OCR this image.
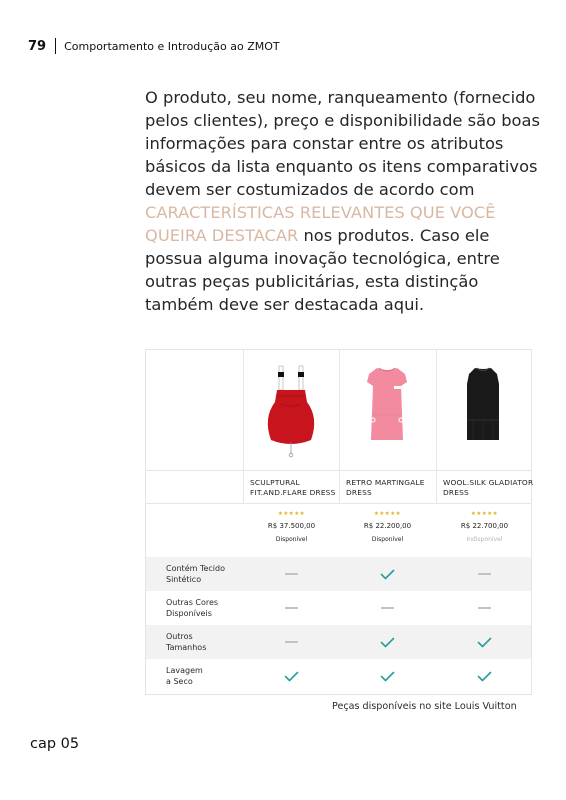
79 Comportamento e Introdução ao ZMOT

O produto, seu nome, ranqueamento (fornecido pelos clientes), preço e disponibilidade são boas informações para constar entre os atributos básicos da lista enquanto os itens comparativos devem ser costumizados de acordo com CARACTERÍSTICAS RELEVANTES QUE VOCÊ QUEIRA DESTACAR nos produtos. Caso ele possua alguma inovação tecnológica, entre outras peças publicitárias, esta distinção também deve ser destacada aqui.

SCULPTURAL FIT.AND.FLARE DRESS
RETRO MARTINGALE DRESS
WOOL.SILK GLADIATOR DRESS
★★★★★
R$ 37.500,00
Disponível
★★★★★
R$ 22.200,00
Disponível
★★★★★
R$ 22.700,00
Indisponível
Contém Tecido Sintético
Outras Cores Disponíveis
Outros Tamanhos
Lavagem a Seco
Peças disponíveis no site Louis Vuitton
cap 05
